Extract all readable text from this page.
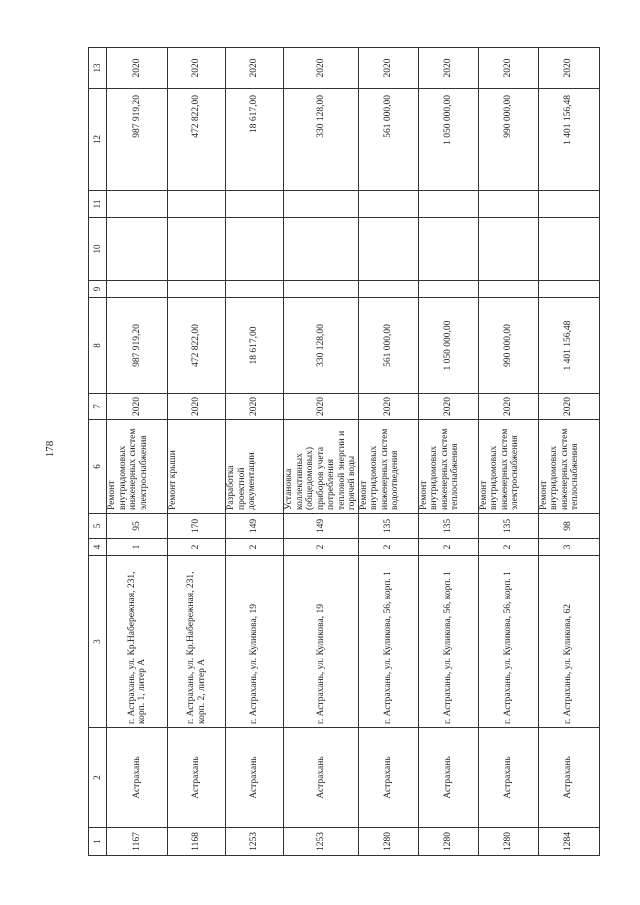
178
1	2	3	4	5	6	7	8	9	10	11	12	13
1167	Астрахань	г. Астрахань, ул. Кр.Набережная, 231, корп. 1, литер А	1	95	Ремонт внутридомовых инженерных систем электроснабжения	2020	987 919,20				987 919,20	2020
1168	Астрахань	г. Астрахань, ул. Кр.Набережная, 231, корп. 2, литер А	2	170	Ремонт крыши	2020	472 822,00				472 822,00	2020
1253	Астрахань	г. Астрахань, ул. Куликова, 19	2	149	Разработка проектной документации	2020	18 617,00				18 617,00	2020
1253	Астрахань	г. Астрахань, ул. Куликова, 19	2	149	Установка коллективных (общедомовых) приборов учета потребления тепловой энергии и горячей воды	2020	330 128,00				330 128,00	2020
1280	Астрахань	г. Астрахань, ул. Куликова, 56, корп. 1	2	135	Ремонт внутридомовых инженерных систем водоотведения	2020	561 000,00				561 000,00	2020
1280	Астрахань	г. Астрахань, ул. Куликова, 56, корп. 1	2	135	Ремонт внутридомовых инженерных систем теплоснабжения	2020	1 050 000,00				1 050 000,00	2020
1280	Астрахань	г. Астрахань, ул. Куликова, 56, корп. 1	2	135	Ремонт внутридомовых инженерных систем электроснабжения	2020	990 000,00				990 000,00	2020
1284	Астрахань	г. Астрахань, ул. Куликова, 62	3	98	Ремонт внутридомовых инженерных систем теплоснабжения	2020	1 401 156,48				1 401 156,48	2020
